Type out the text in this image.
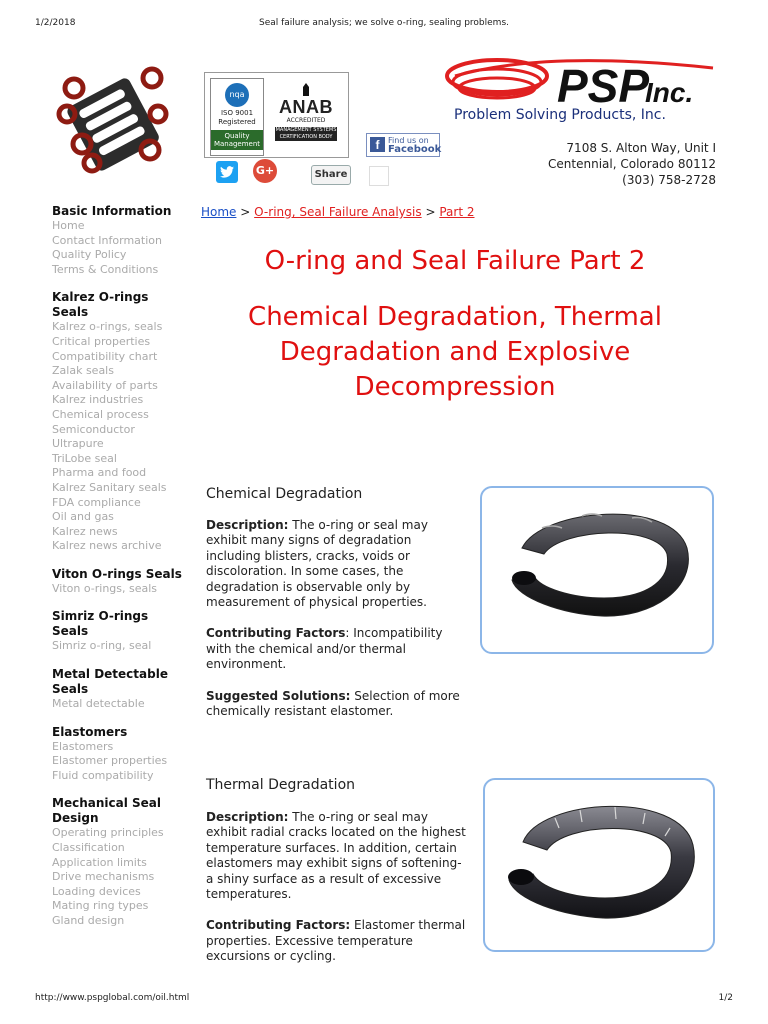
1/2/2018	Seal failure analysis; we solve o-ring, sealing problems.
http://www.pspglobal.com/oil.html	1/2
nqa
ISO 9001
Registered
Quality Management
ANAB
ACCREDITED
MANAGEMENT SYSTEMS CERTIFICATION BODY
f	Find us on
Facebook
G+	Share
PSP
Inc.
Problem Solving Products, Inc.
7108 S. Alton Way, Unit I
Centennial, Colorado 80112
(303) 758-2728
Basic Information
Home
Contact Information
Quality Policy
Terms & Conditions
Kalrez O-rings Seals
Kalrez o-rings, seals
Critical properties
Compatibility chart
Zalak seals
Availability of parts
Kalrez industries
Chemical process
Semiconductor
Ultrapure
TriLobe seal
Pharma and food
Kalrez Sanitary seals
FDA compliance
Oil and gas
Kalrez news
Kalrez news archive
Viton O-rings Seals
Viton o-rings, seals
Simriz O-rings Seals
Simriz o-ring, seal
Metal Detectable Seals
Metal detectable
Elastomers
Elastomers
Elastomer properties
Fluid compatibility
Mechanical Seal Design
Operating principles
Classification
Application limits
Drive mechanisms
Loading devices
Mating ring types
Gland design
Home > O-ring, Seal Failure Analysis > Part 2
O-ring and Seal Failure Part 2
Chemical Degradation, Thermal Degradation and Explosive Decompression
Chemical Degradation

Description: The o-ring or seal may exhibit many signs of degradation including blisters, cracks, voids or discoloration. In some cases, the degradation is observable only by measurement of physical properties.

Contributing Factors: Incompatibility with the chemical and/or thermal environment.

Suggested Solutions: Selection of more chemically resistant elastomer.

Thermal Degradation

Description: The o-ring or seal may exhibit radial cracks located on the highest temperature surfaces. In addition, certain elastomers may exhibit signs of softening- a shiny surface as a result of excessive temperatures.

Contributing Factors: Elastomer thermal properties. Excessive temperature excursions or cycling.
